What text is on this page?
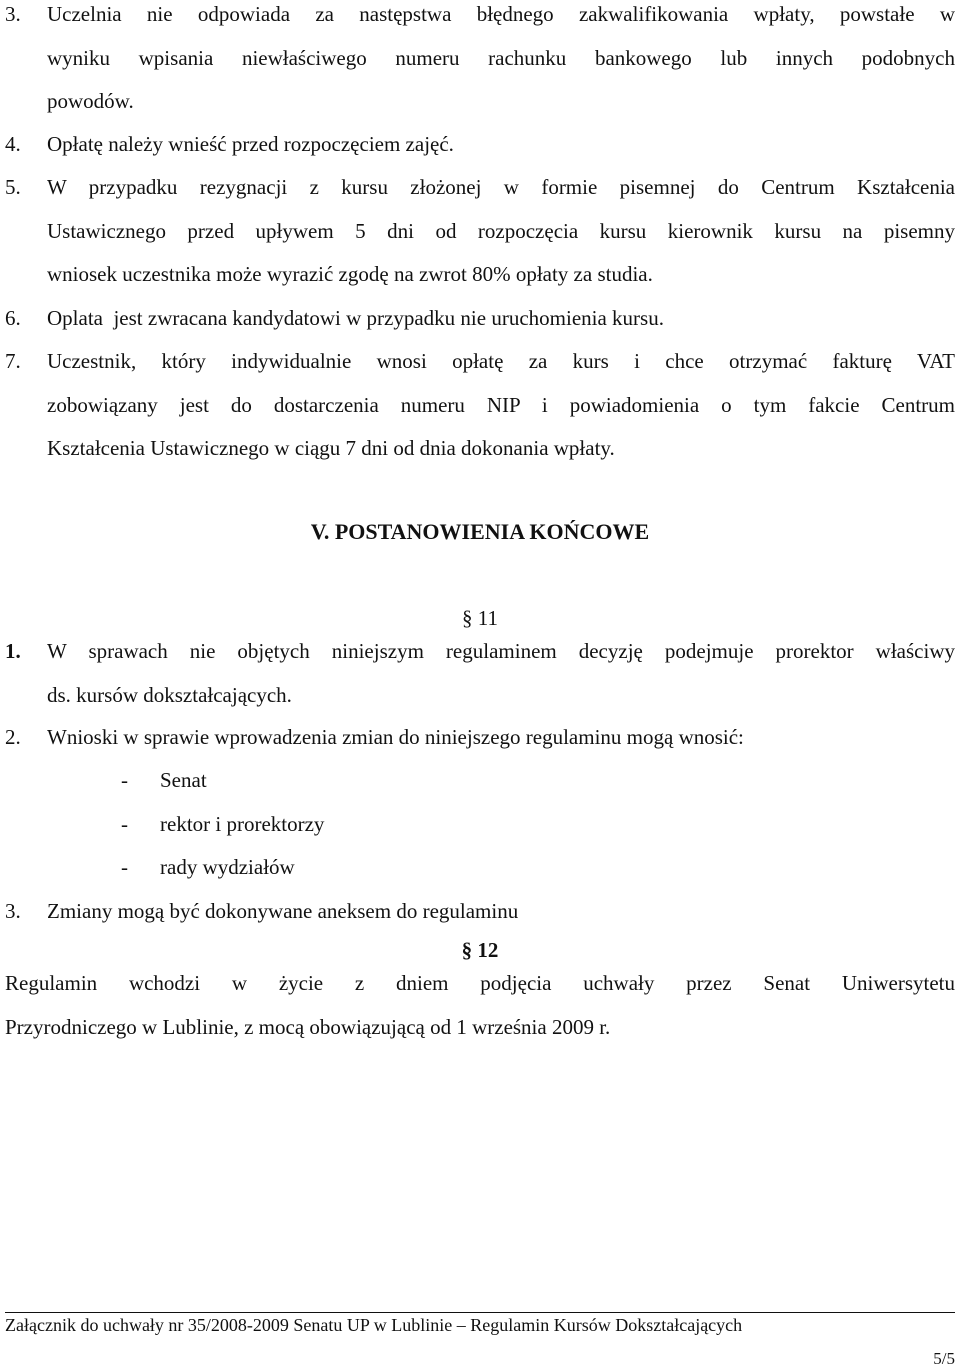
3. Uczelnia nie odpowiada za następstwa błędnego zakwalifikowania wpłaty, powstałe w
wyniku wpisania niewłaściwego numeru rachunku bankowego lub innych podobnych
powodów.
4. Opłatę należy wnieść przed rozpoczęciem zajęć.
5. W przypadku rezygnacji z kursu złożonej w formie pisemnej do Centrum Kształcenia
Ustawicznego przed upływem 5 dni od rozpoczęcia kursu kierownik kursu na pisemny
wniosek uczestnika może wyrazić zgodę na zwrot 80% opłaty za studia.
6. Oplata  jest zwracana kandydatowi w przypadku nie uruchomienia kursu.
7. Uczestnik, który indywidualnie wnosi opłatę za kurs i chce otrzymać fakturę VAT
zobowiązany jest do dostarczenia numeru NIP i powiadomienia o tym fakcie Centrum
Kształcenia Ustawicznego w ciągu 7 dni od dnia dokonania wpłaty.
V. POSTANOWIENIA KOŃCOWE
§ 11
1. W sprawach nie objętych niniejszym regulaminem decyzję podejmuje prorektor właściwy
ds. kursów dokształcających.
2. Wnioski w sprawie wprowadzenia zmian do niniejszego regulaminu mogą wnosić:
- Senat
- rektor i prorektorzy
- rady wydziałów
3. Zmiany mogą być dokonywane aneksem do regulaminu
§ 12
Regulamin wchodzi w życie z dniem podjęcia uchwały przez Senat Uniwersytetu
Przyrodniczego w Lublinie, z mocą obowiązującą od 1 września 2009 r.
Załącznik do uchwały nr 35/2008-2009 Senatu UP w Lublinie – Regulamin Kursów Dokształcających
5/5
